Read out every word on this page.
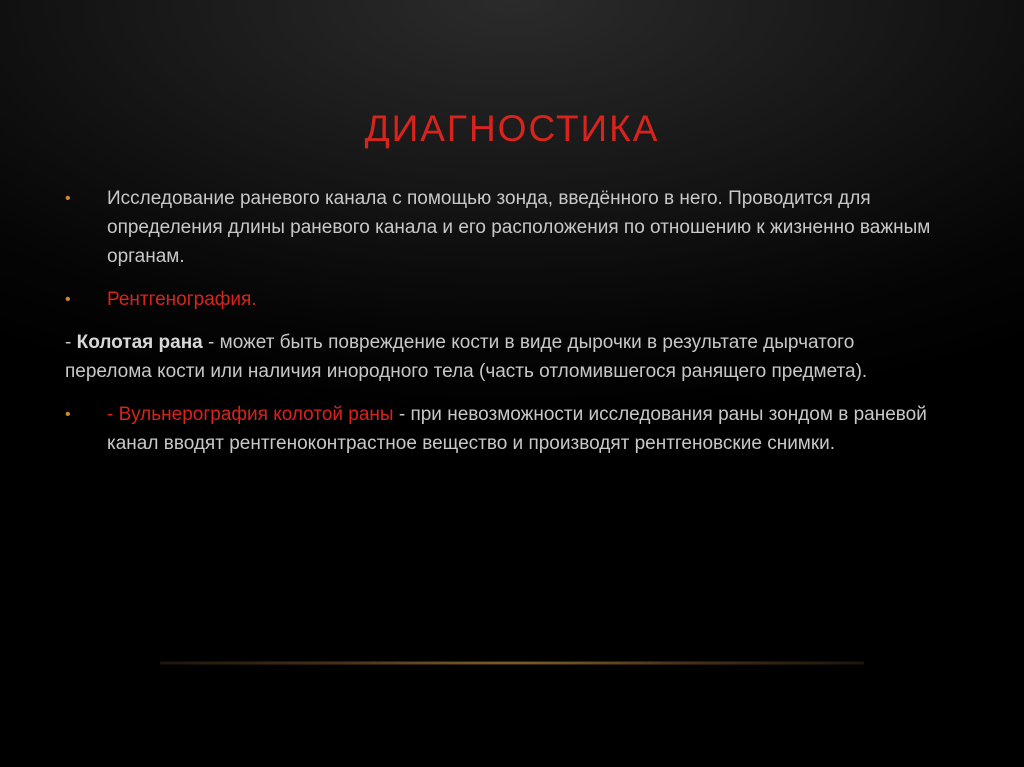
ДИАГНОСТИКА
•	Исследование раневого канала с помощью зонда, введённого в него. Проводится для определения длины раневого канала и его расположения по отношению к жизненно важным органам.
•	Рентгенография.
- Колотая рана - может быть повреждение кости в виде дырочки в результате дырчатого перелома кости или наличия инородного тела (часть отломившегося ранящего предмета).
•	- Вульнерография колотой раны - при невозможности исследования раны зондом в раневой канал вводят рентгеноконтрастное вещество и производят рентгеновские снимки.
